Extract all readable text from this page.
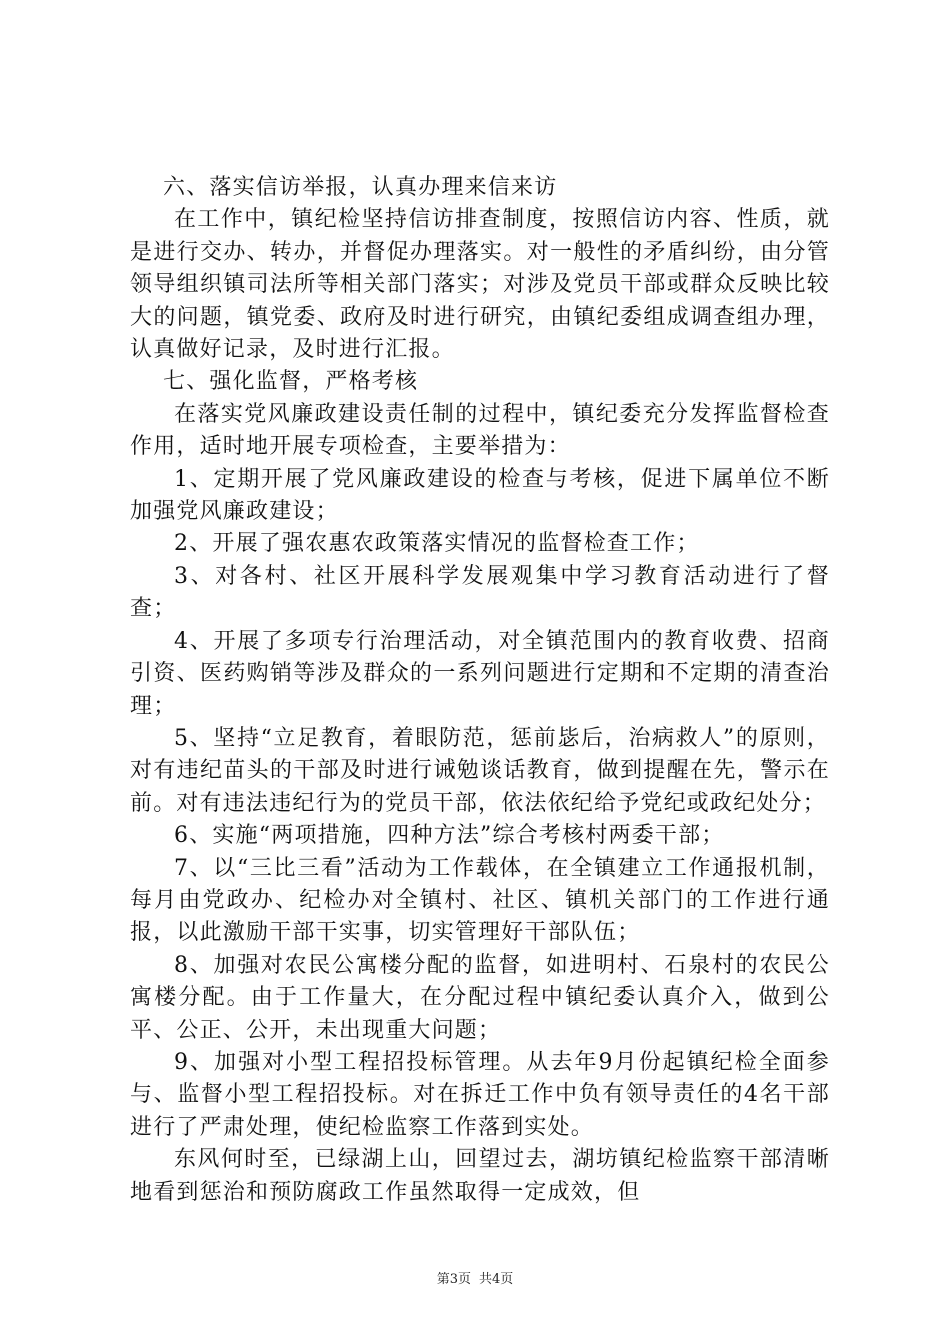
六、落实信访举报，认真办理来信来访

在工作中，镇纪检坚持信访排查制度，按照信访内容、性质，就是进行交办、转办，并督促办理落实。对一般性的矛盾纠纷，由分管领导组织镇司法所等相关部门落实；对涉及党员干部或群众反映比较大的问题，镇党委、政府及时进行研究，由镇纪委组成调查组办理，认真做好记录，及时进行汇报。

七、强化监督，严格考核

在落实党风廉政建设责任制的过程中，镇纪委充分发挥监督检查作用，适时地开展专项检查，主要举措为：

1、定期开展了党风廉政建设的检查与考核，促进下属单位不断加强党风廉政建设；

2、开展了强农惠农政策落实情况的监督检查工作；

3、对各村、社区开展科学发展观集中学习教育活动进行了督查；

4、开展了多项专行治理活动，对全镇范围内的教育收费、招商引资、医药购销等涉及群众的一系列问题进行定期和不定期的清查治理；

5、坚持“立足教育，着眼防范，惩前毖后，治病救人”的原则，对有违纪苗头的干部及时进行诫勉谈话教育，做到提醒在先，警示在前。对有违法违纪行为的党员干部，依法依纪给予党纪或政纪处分；

6、实施“两项措施，四种方法”综合考核村两委干部；

7、以“三比三看”活动为工作载体，在全镇建立工作通报机制，每月由党政办、纪检办对全镇村、社区、镇机关部门的工作进行通报，以此激励干部干实事，切实管理好干部队伍；

8、加强对农民公寓楼分配的监督，如进明村、石泉村的农民公寓楼分配。由于工作量大，在分配过程中镇纪委认真介入，做到公平、公正、公开，未出现重大问题；

9、加强对小型工程招投标管理。从去年9月份起镇纪检全面参与、监督小型工程招投标。对在拆迁工作中负有领导责任的4名干部进行了严肃处理，使纪检监察工作落到实处。

东风何时至，已绿湖上山，回望过去，湖坊镇纪检监察干部清晰地看到惩治和预防腐政工作虽然取得一定成效，但

第3页 共4页
